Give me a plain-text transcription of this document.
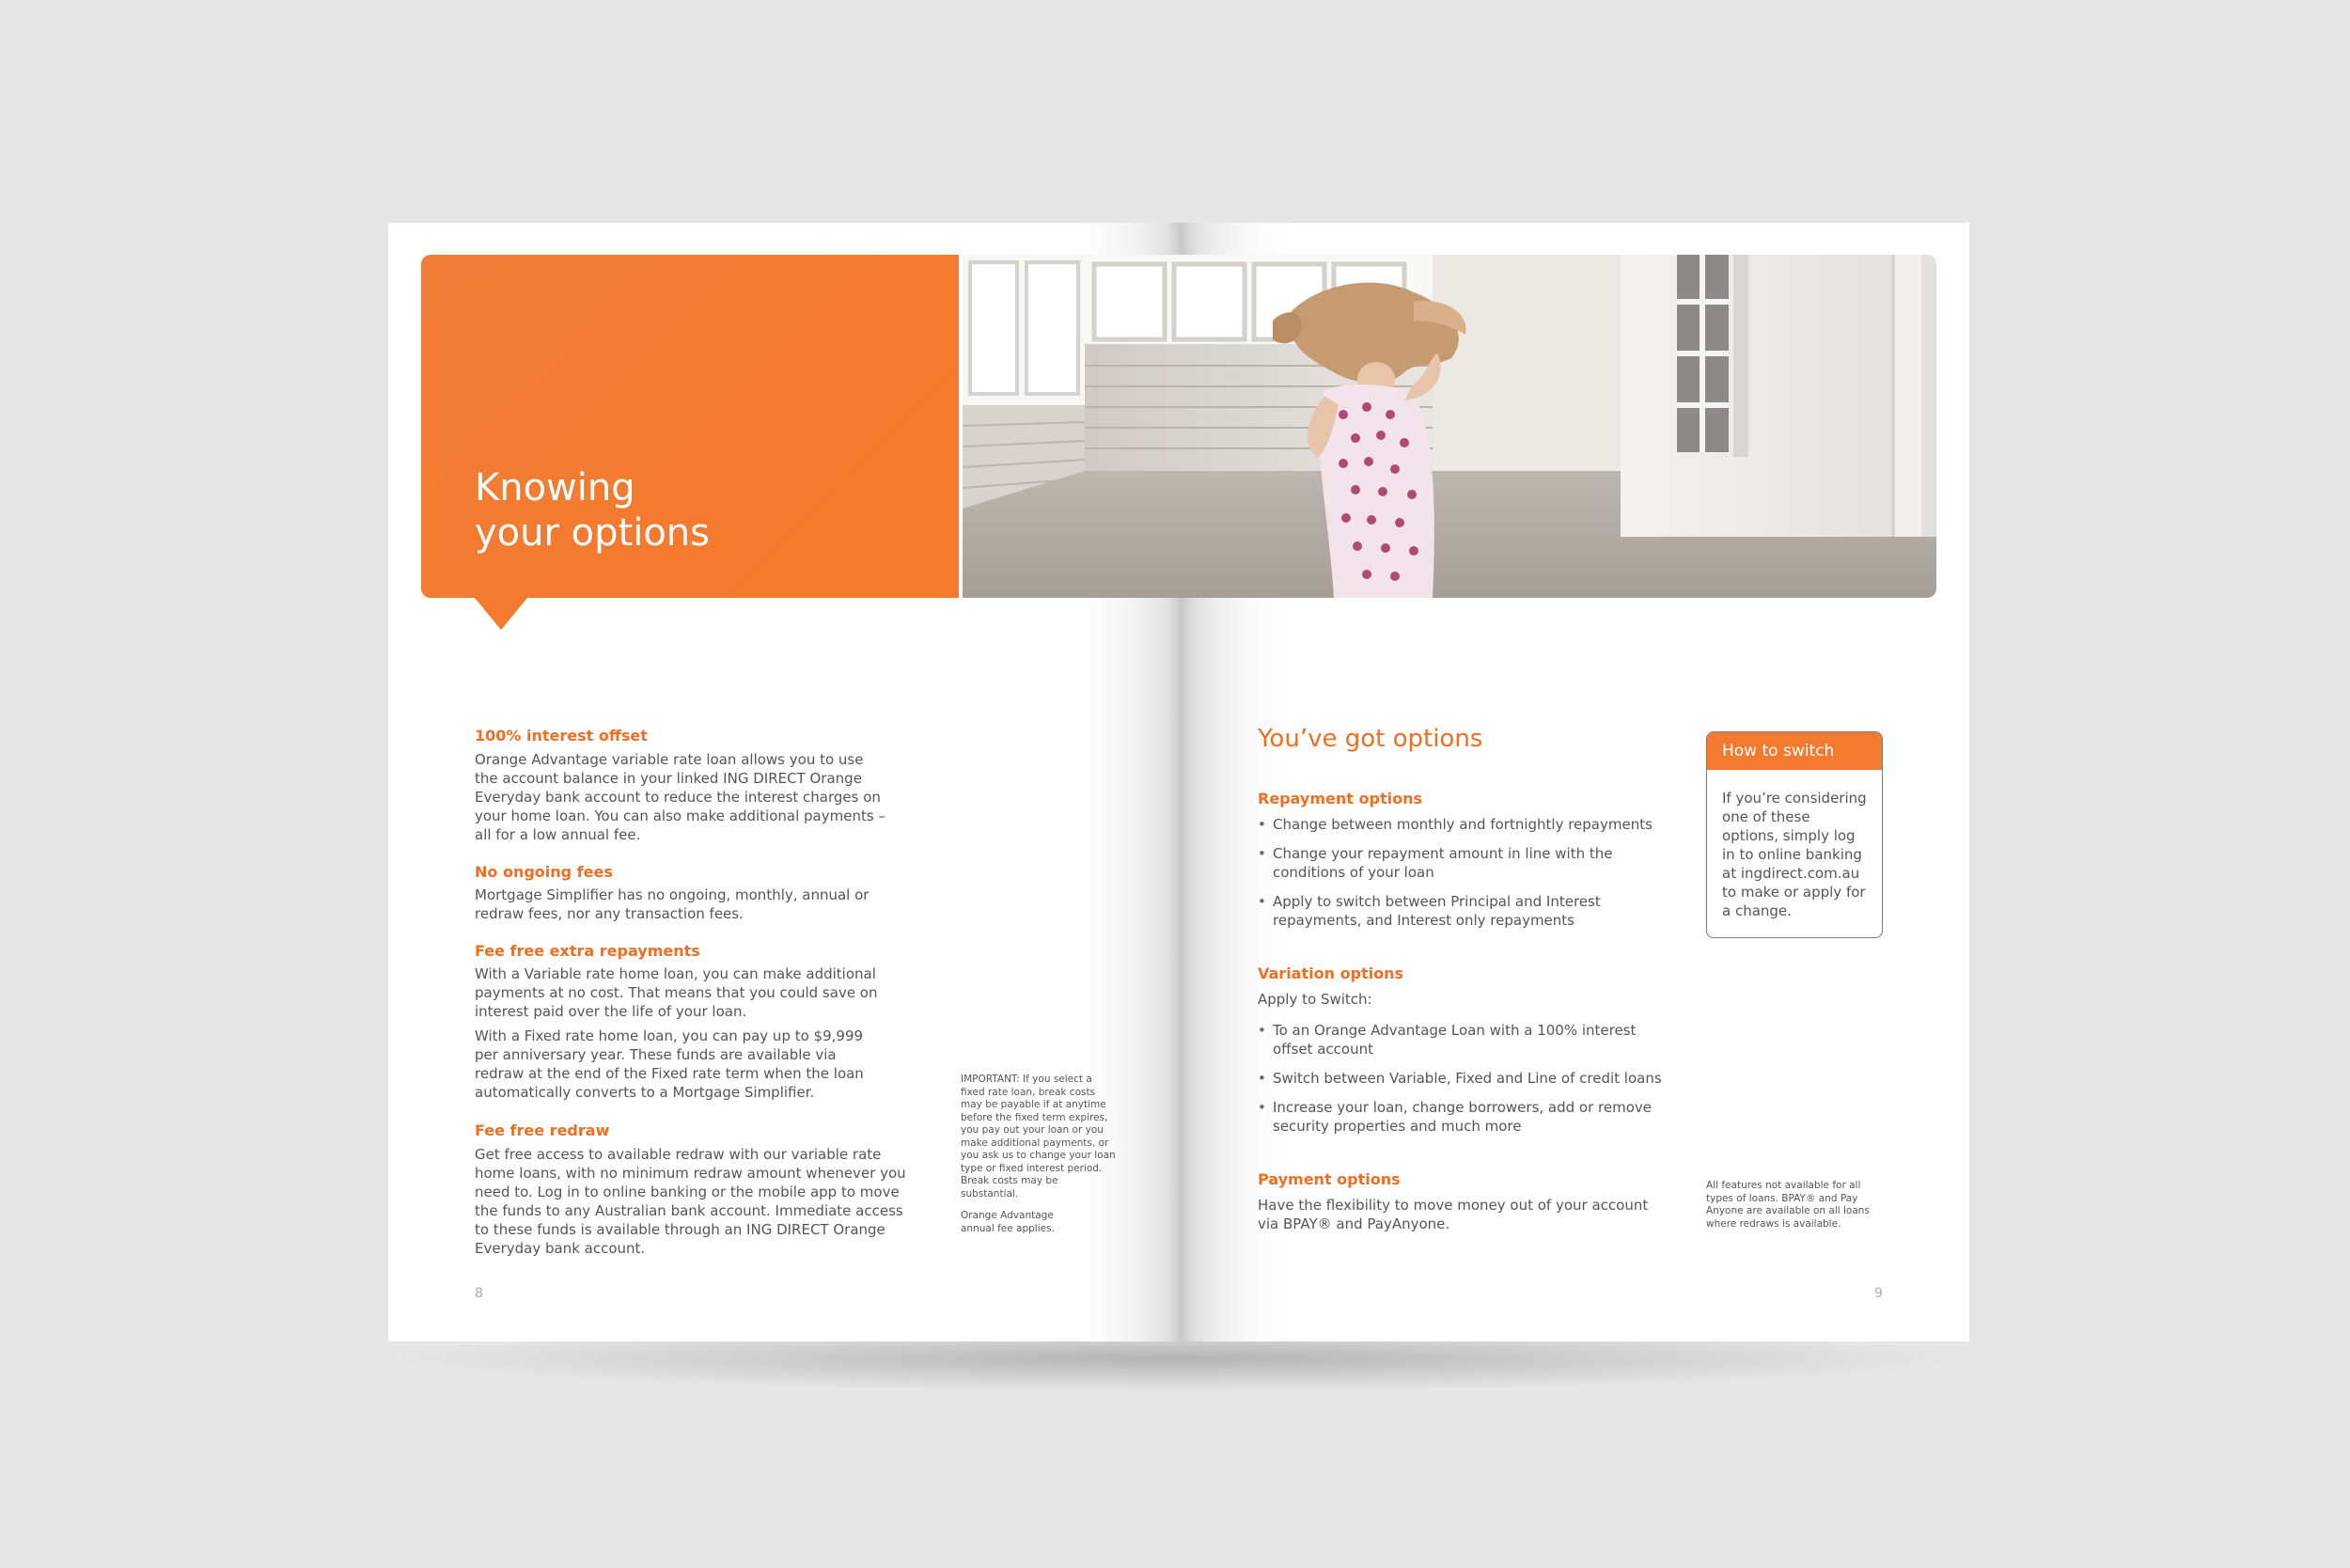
Knowing
your options
100% interest offset
Orange Advantage variable rate loan allows you to use the account balance in your linked ING DIRECT Orange Everyday bank account to reduce the interest charges on your home loan. You can also make additional payments – all for a low annual fee.
No ongoing fees
Mortgage Simplifier has no ongoing, monthly, annual or redraw fees, nor any transaction fees.
Fee free extra repayments
With a Variable rate home loan, you can make additional payments at no cost. That means that you could save on interest paid over the life of your loan.
With a Fixed rate home loan, you can pay up to $9,999 per anniversary year. These funds are available via redraw at the end of the Fixed rate term when the loan automatically converts to a Mortgage Simplifier.
Fee free redraw
Get free access to available redraw with our variable rate home loans, with no minimum redraw amount whenever you need to. Log in to online banking or the mobile app to move the funds to any Australian bank account. Immediate access to these funds is available through an ING DIRECT Orange Everyday bank account.
IMPORTANT: If you select a fixed rate loan, break costs may be payable if at anytime before the fixed term expires, you pay out your loan or you make additional payments, or you ask us to change your loan type or fixed interest period. Break costs may be substantial.
Orange Advantage annual fee applies.
8
You’ve got options
Repayment options
• Change between monthly and fortnightly repayments
• Change your repayment amount in line with the conditions of your loan
• Apply to switch between Principal and Interest repayments, and Interest only repayments
Variation options
Apply to Switch:
• To an Orange Advantage Loan with a 100% interest offset account
• Switch between Variable, Fixed and Line of credit loans
• Increase your loan, change borrowers, add or remove security properties and much more
Payment options
Have the flexibility to move money out of your account via BPAY® and PayAnyone.
How to switch
If you’re considering one of these options, simply log in to online banking at ingdirect.com.au to make or apply for a change.
All features not available for all types of loans. BPAY® and Pay Anyone are available on all loans where redraws is available.
9
